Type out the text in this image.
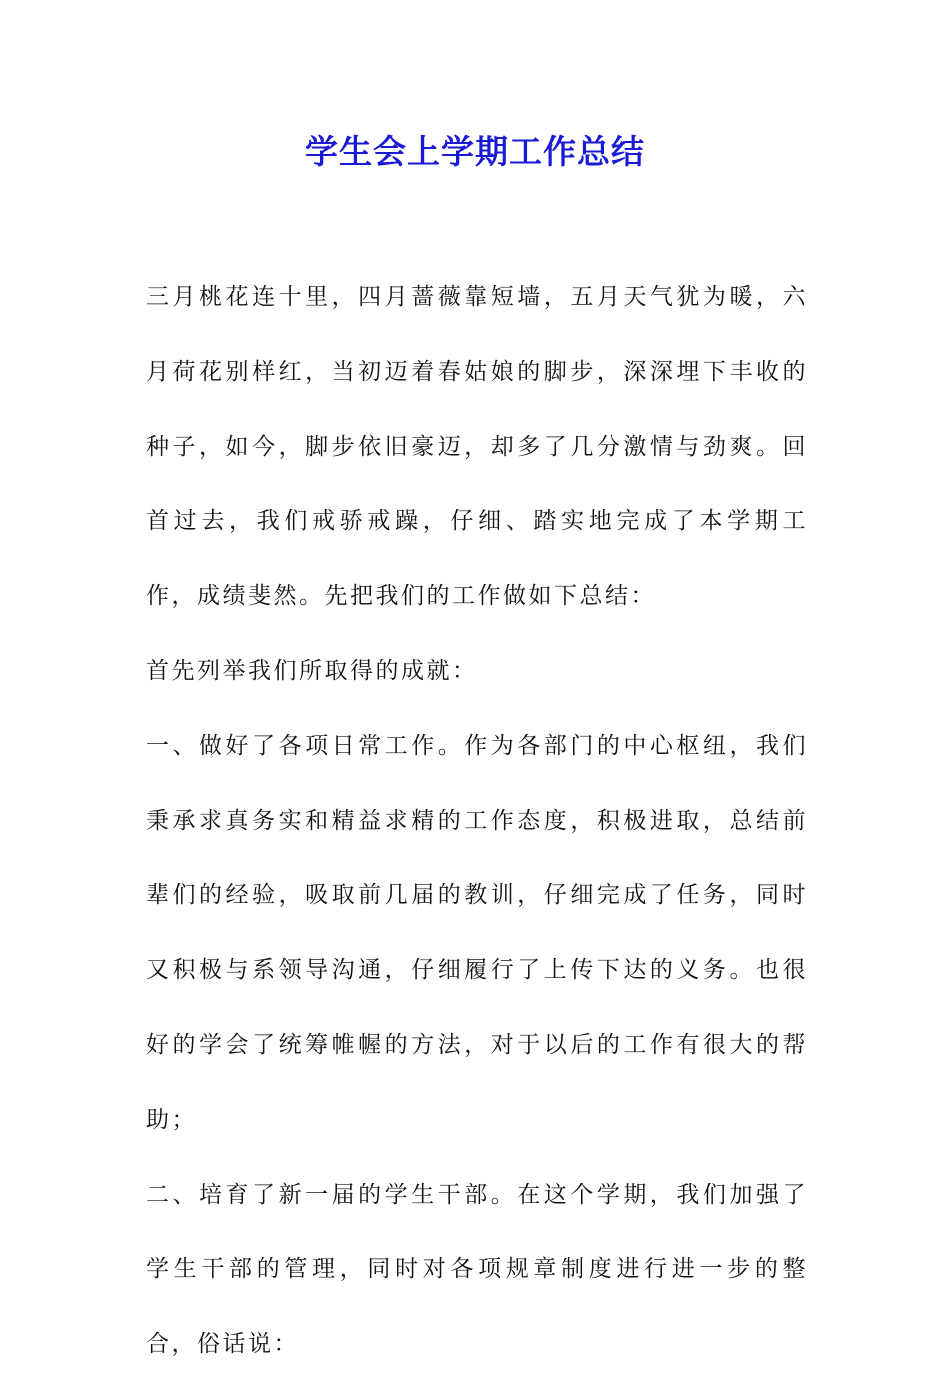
学生会上学期工作总结

三月桃花连十里，四月蔷薇靠短墙，五月天气犹为暖，六月荷花别样红，当初迈着春姑娘的脚步，深深埋下丰收的种子，如今，脚步依旧豪迈，却多了几分激情与劲爽。回首过去，我们戒骄戒躁，仔细、踏实地完成了本学期工作，成绩斐然。先把我们的工作做如下总结：

首先列举我们所取得的成就：

一、做好了各项日常工作。作为各部门的中心枢纽，我们秉承求真务实和精益求精的工作态度，积极进取，总结前辈们的经验，吸取前几届的教训，仔细完成了任务，同时又积极与系领导沟通，仔细履行了上传下达的义务。也很好的学会了统筹帷幄的方法，对于以后的工作有很大的帮助；

二、培育了新一届的学生干部。在这个学期，我们加强了学生干部的管理，同时对各项规章制度进行进一步的整合，俗话说：
